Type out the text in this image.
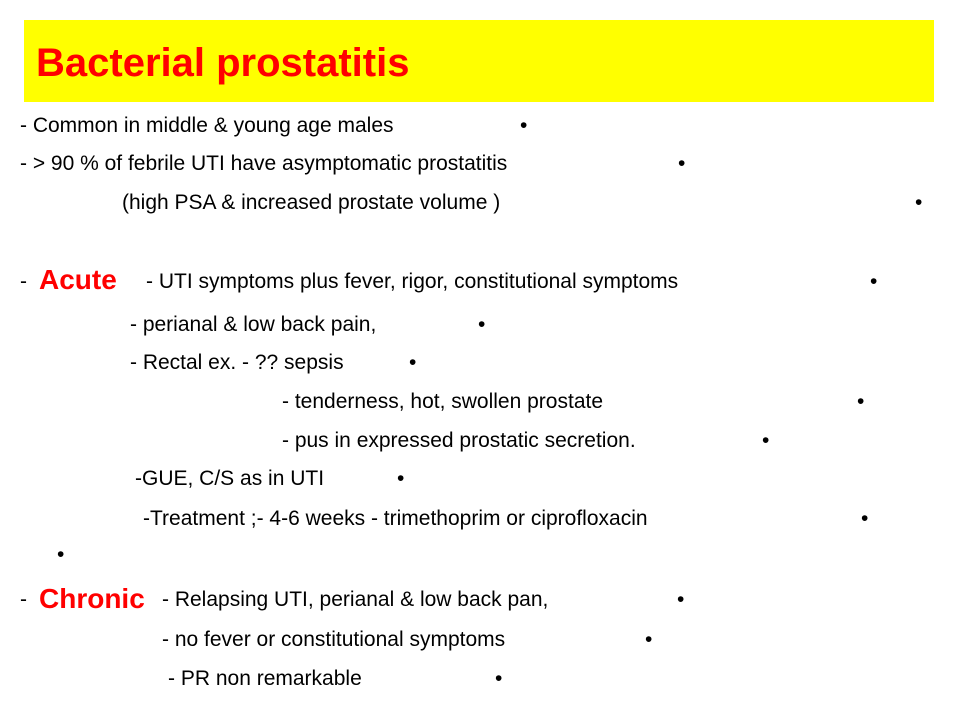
Bacterial prostatitis
- Common in middle & young age males	•
- > 90 % of febrile UTI have asymptomatic prostatitis	•
(high PSA & increased prostate volume )	•
- Acute - UTI symptoms plus fever, rigor, constitutional symptoms	•
- perianal & low back pain,	•
- Rectal ex. - ?? sepsis	•
- tenderness, hot, swollen prostate	•
- pus in expressed prostatic secretion.	•
-GUE, C/S as in UTI	•
-Treatment ;- 4-6 weeks - trimethoprim or ciprofloxacin	•
•
- Chronic - Relapsing UTI, perianal & low back pan,	•
- no fever or constitutional symptoms	•
- PR non remarkable	•
